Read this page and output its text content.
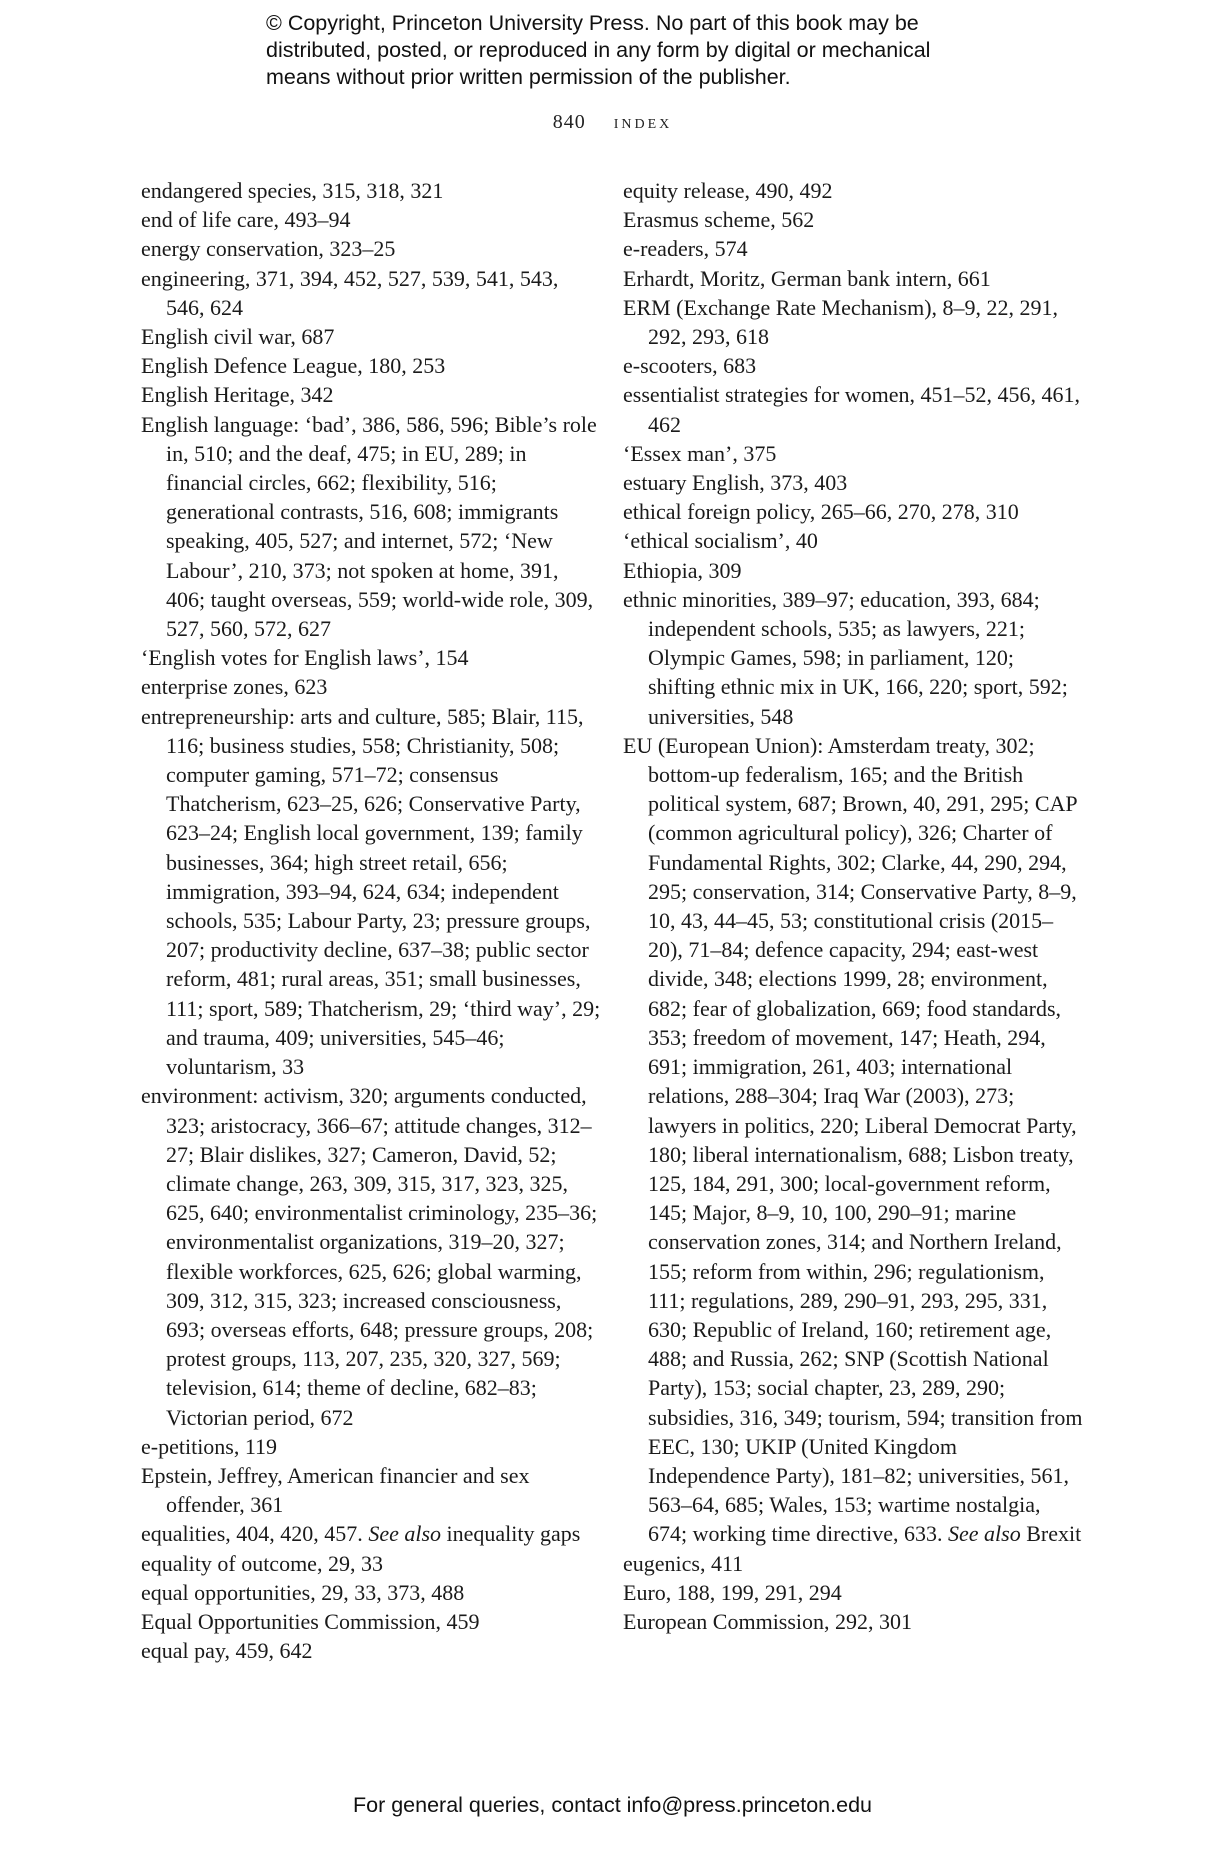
© Copyright, Princeton University Press. No part of this book may be
distributed, posted, or reproduced in any form by digital or mechanical
means without prior written permission of the publisher.
840 index

endangered species, 315, 318, 321

end of life care, 493–94

energy conservation, 323–25

engineering, 371, 394, 452, 527, 539, 541, 543, 546, 624

English civil war, 687

English Defence League, 180, 253

English Heritage, 342

English language: ‘bad’, 386, 586, 596; Bible’s role in, 510; and the deaf, 475; in EU, 289; in financial circles, 662; flexibility, 516; generational contrasts, 516, 608; immigrants speaking, 405, 527; and internet, 572; ‘New Labour’, 210, 373; not spoken at home, 391, 406; taught overseas, 559; world-wide role, 309, 527, 560, 572, 627

‘English votes for English laws’, 154

enterprise zones, 623

entrepreneurship: arts and culture, 585; Blair, 115, 116; business studies, 558; Christianity, 508; computer gaming, 571–72; consensus Thatcherism, 623–25, 626; Conservative Party, 623–24; English local government, 139; family businesses, 364; high street retail, 656; immigration, 393–94, 624, 634; independent schools, 535; Labour Party, 23; pressure groups, 207; productivity decline, 637–38; public sector reform, 481; rural areas, 351; small businesses, 111; sport, 589; Thatcherism, 29; ‘third way’, 29; and trauma, 409; universities, 545–46; voluntarism, 33

environment: activism, 320; arguments conducted, 323; aristocracy, 366–67; attitude changes, 312–27; Blair dislikes, 327; Cameron, David, 52; climate change, 263, 309, 315, 317, 323, 325, 625, 640; environmentalist criminology, 235–36; environmentalist organizations, 319–20, 327; flexible workforces, 625, 626; global warming, 309, 312, 315, 323; increased consciousness, 693; overseas efforts, 648; pressure groups, 208; protest groups, 113, 207, 235, 320, 327, 569; television, 614; theme of decline, 682–83; Victorian period, 672

e-petitions, 119

Epstein, Jeffrey, American financier and sex offender, 361

equalities, 404, 420, 457. See also inequality gaps

equality of outcome, 29, 33

equal opportunities, 29, 33, 373, 488

Equal Opportunities Commission, 459

equal pay, 459, 642

equity release, 490, 492

Erasmus scheme, 562

e-readers, 574

Erhardt, Moritz, German bank intern, 661

ERM (Exchange Rate Mechanism), 8–9, 22, 291, 292, 293, 618

e-scooters, 683

essentialist strategies for women, 451–52, 456, 461, 462

‘Essex man’, 375

estuary English, 373, 403

ethical foreign policy, 265–66, 270, 278, 310

‘ethical socialism’, 40

Ethiopia, 309

ethnic minorities, 389–97; education, 393, 684; independent schools, 535; as lawyers, 221; Olympic Games, 598; in parliament, 120; shifting ethnic mix in UK, 166, 220; sport, 592; universities, 548

EU (European Union): Amsterdam treaty, 302; bottom-up federalism, 165; and the British political system, 687; Brown, 40, 291, 295; CAP (common agricultural policy), 326; Charter of Fundamental Rights, 302; Clarke, 44, 290, 294, 295; conservation, 314; Conservative Party, 8–9, 10, 43, 44–45, 53; constitutional crisis (2015–20), 71–84; defence capacity, 294; east-west divide, 348; elections 1999, 28; environment, 682; fear of globalization, 669; food standards, 353; freedom of movement, 147; Heath, 294, 691; immigration, 261, 403; international relations, 288–304; Iraq War (2003), 273; lawyers in politics, 220; Liberal Democrat Party, 180; liberal internationalism, 688; Lisbon treaty, 125, 184, 291, 300; local-government reform, 145; Major, 8–9, 10, 100, 290–91; marine conservation zones, 314; and Northern Ireland, 155; reform from within, 296; regulationism, 111; regulations, 289, 290–91, 293, 295, 331, 630; Republic of Ireland, 160; retirement age, 488; and Russia, 262; SNP (Scottish National Party), 153; social chapter, 23, 289, 290; subsidies, 316, 349; tourism, 594; transition from EEC, 130; UKIP (United Kingdom Independence Party), 181–82; universities, 561, 563–64, 685; Wales, 153; wartime nostalgia, 674; working time directive, 633. See also Brexit

eugenics, 411

Euro, 188, 199, 291, 294

European Commission, 292, 301

For general queries, contact info@press.princeton.edu
